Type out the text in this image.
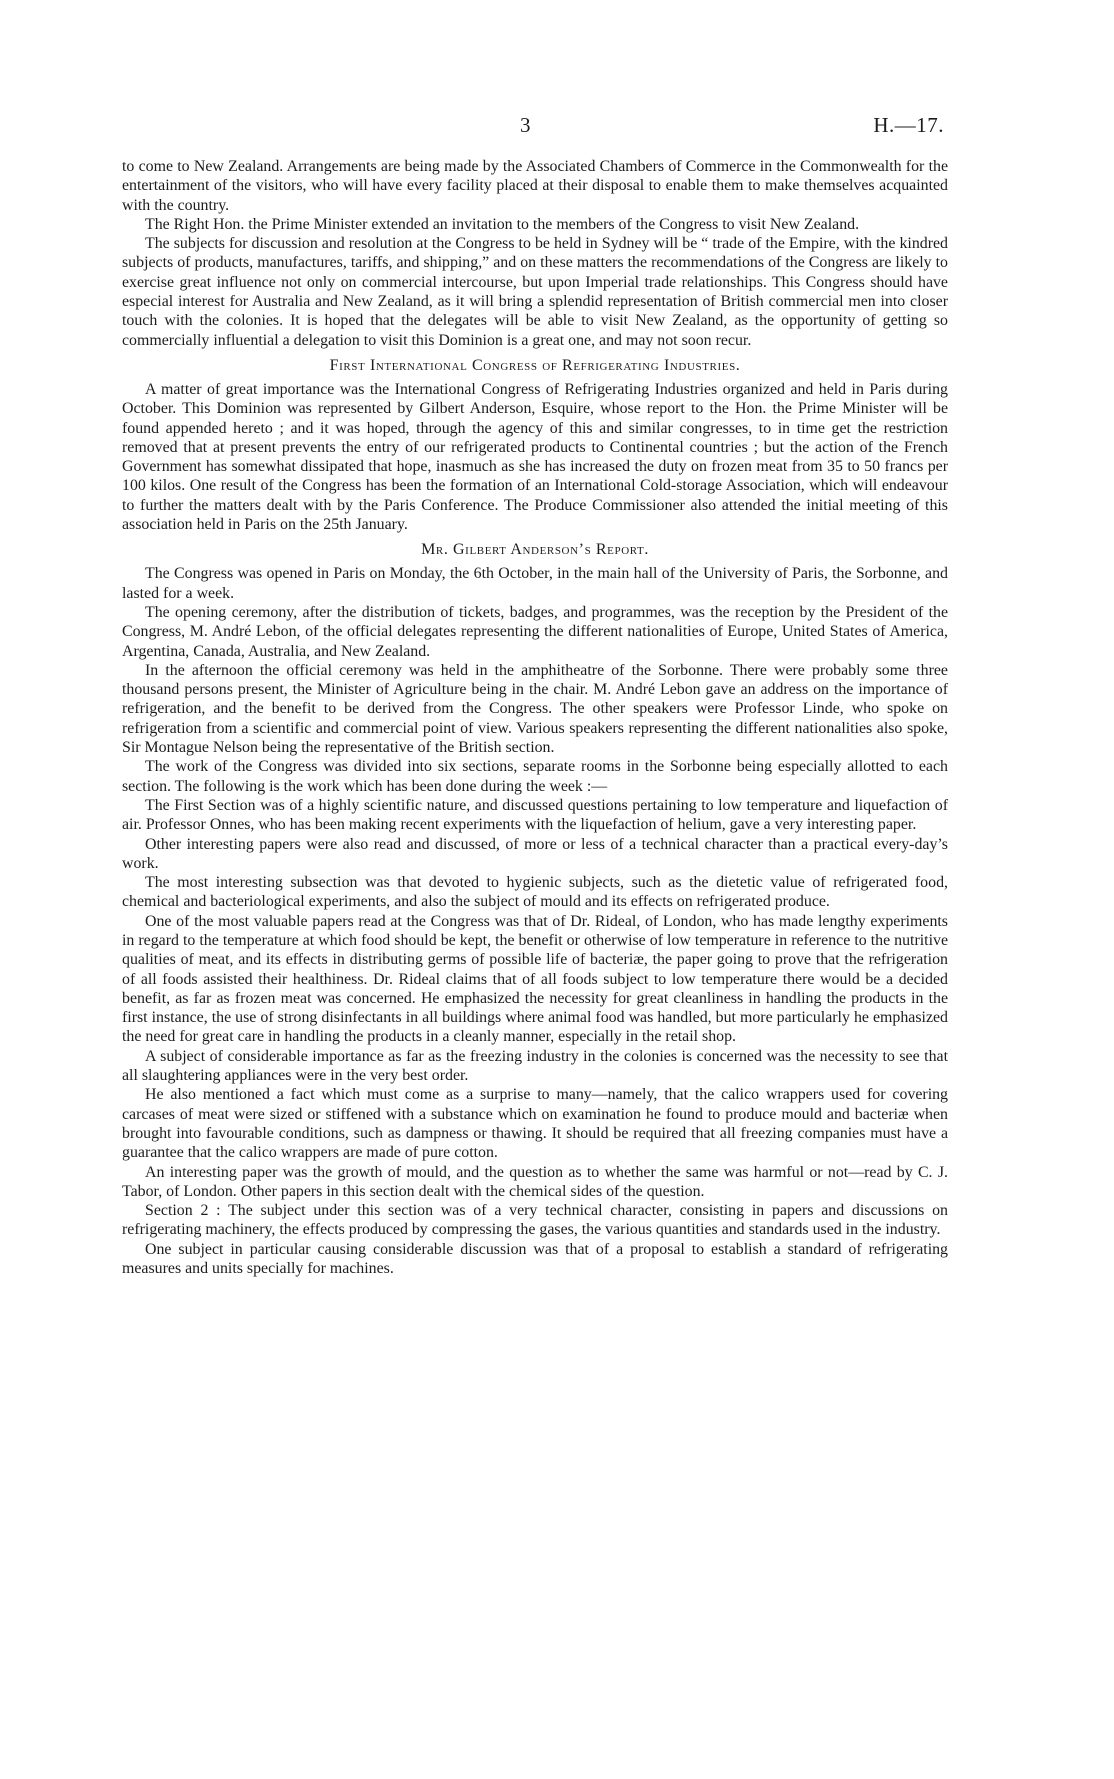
3	H.—17.

to come to New Zealand. Arrangements are being made by the Associated Chambers of Commerce in the Commonwealth for the entertainment of the visitors, who will have every facility placed at their disposal to enable them to make themselves acquainted with the country.

The Right Hon. the Prime Minister extended an invitation to the members of the Congress to visit New Zealand.

The subjects for discussion and resolution at the Congress to be held in Sydney will be “ trade of the Empire, with the kindred subjects of products, manufactures, tariffs, and shipping,” and on these matters the recommendations of the Congress are likely to exercise great influence not only on commercial intercourse, but upon Imperial trade relationships. This Congress should have especial interest for Australia and New Zealand, as it will bring a splendid representation of British commercial men into closer touch with the colonies. It is hoped that the delegates will be able to visit New Zealand, as the opportunity of getting so commercially influential a delegation to visit this Dominion is a great one, and may not soon recur.

First International Congress of Refrigerating Industries.

A matter of great importance was the International Congress of Refrigerating Industries organized and held in Paris during October. This Dominion was represented by Gilbert Anderson, Esquire, whose report to the Hon. the Prime Minister will be found appended hereto ; and it was hoped, through the agency of this and similar congresses, to in time get the restriction removed that at present prevents the entry of our refrigerated products to Continental countries ; but the action of the French Government has somewhat dissipated that hope, inasmuch as she has increased the duty on frozen meat from 35 to 50 francs per 100 kilos. One result of the Congress has been the formation of an International Cold-storage Association, which will endeavour to further the matters dealt with by the Paris Conference. The Produce Commissioner also attended the initial meeting of this association held in Paris on the 25th January.

Mr. Gilbert Anderson’s Report.

The Congress was opened in Paris on Monday, the 6th October, in the main hall of the University of Paris, the Sorbonne, and lasted for a week.

The opening ceremony, after the distribution of tickets, badges, and programmes, was the reception by the President of the Congress, M. André Lebon, of the official delegates representing the different nationalities of Europe, United States of America, Argentina, Canada, Australia, and New Zealand.

In the afternoon the official ceremony was held in the amphitheatre of the Sorbonne. There were probably some three thousand persons present, the Minister of Agriculture being in the chair. M. André Lebon gave an address on the importance of refrigeration, and the benefit to be derived from the Congress. The other speakers were Professor Linde, who spoke on refrigeration from a scientific and commercial point of view. Various speakers representing the different nationalities also spoke, Sir Montague Nelson being the representative of the British section.

The work of the Congress was divided into six sections, separate rooms in the Sorbonne being especially allotted to each section. The following is the work which has been done during the week :—

The First Section was of a highly scientific nature, and discussed questions pertaining to low temperature and liquefaction of air. Professor Onnes, who has been making recent experiments with the liquefaction of helium, gave a very interesting paper.

Other interesting papers were also read and discussed, of more or less of a technical character than a practical every-day’s work.

The most interesting subsection was that devoted to hygienic subjects, such as the dietetic value of refrigerated food, chemical and bacteriological experiments, and also the subject of mould and its effects on refrigerated produce.

One of the most valuable papers read at the Congress was that of Dr. Rideal, of London, who has made lengthy experiments in regard to the temperature at which food should be kept, the benefit or otherwise of low temperature in reference to the nutritive qualities of meat, and its effects in distributing germs of possible life of bacteriæ, the paper going to prove that the refrigeration of all foods assisted their healthiness. Dr. Rideal claims that of all foods subject to low temperature there would be a decided benefit, as far as frozen meat was concerned. He emphasized the necessity for great cleanliness in handling the products in the first instance, the use of strong disinfectants in all buildings where animal food was handled, but more particularly he emphasized the need for great care in handling the products in a cleanly manner, especially in the retail shop.

A subject of considerable importance as far as the freezing industry in the colonies is concerned was the necessity to see that all slaughtering appliances were in the very best order.

He also mentioned a fact which must come as a surprise to many—namely, that the calico wrappers used for covering carcases of meat were sized or stiffened with a substance which on examination he found to produce mould and bacteriæ when brought into favourable conditions, such as dampness or thawing. It should be required that all freezing companies must have a guarantee that the calico wrappers are made of pure cotton.

An interesting paper was the growth of mould, and the question as to whether the same was harmful or not—read by C. J. Tabor, of London. Other papers in this section dealt with the chemical sides of the question.

Section 2 : The subject under this section was of a very technical character, consisting in papers and discussions on refrigerating machinery, the effects produced by compressing the gases, the various quantities and standards used in the industry.

One subject in particular causing considerable discussion was that of a proposal to establish a standard of refrigerating measures and units specially for machines.
